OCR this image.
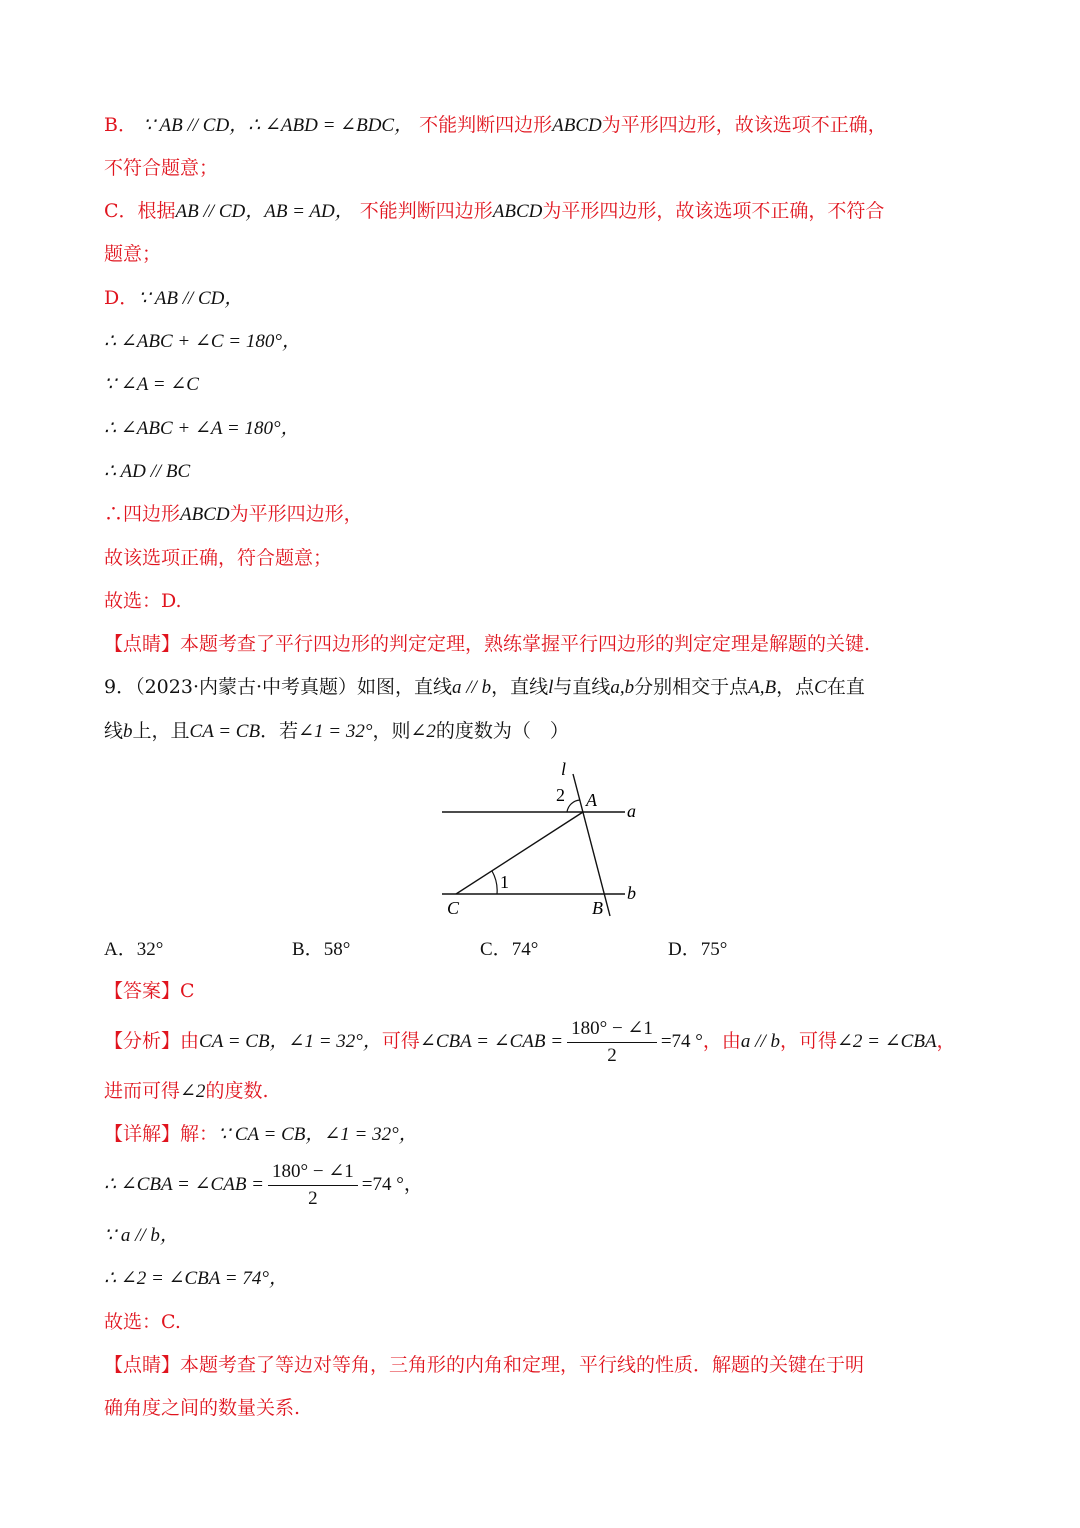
B． ∵ AB // CD，∴ ∠ABD = ∠BDC， 不能判断四边形ABCD为平形四边形，故该选项不正确，
不符合题意；
C．根据AB // CD，AB = AD， 不能判断四边形ABCD为平形四边形，故该选项不正确，不符合
题意；
D．∵ AB // CD，
∴ ∠ABC + ∠C = 180°，
∵ ∠A = ∠C
∴ ∠ABC + ∠A = 180°，
∴ AD // BC
∴四边形ABCD为平形四边形，
故该选项正确，符合题意；
故选：D.
【点睛】本题考查了平行四边形的判定定理，熟练掌握平行四边形的判定定理是解题的关键.
9．（2023·内蒙古·中考真题）如图，直线a // b，直线l与直线a,b分别相交于点A,B，点C在直
线b上，且CA = CB．若∠1 = 32°，则∠2的度数为（　）
l
2 A
a
1
C	B
b
A．32°	B．58°	C．74°	D．75°
【答案】C
【分析】由CA = CB，∠1 = 32°，可得∠CBA = ∠CAB = $\frac{180^\circ - \angle 1}{2} =74$ °，由a // b，可得∠2 = ∠CBA，
进而可得∠2的度数.
【详解】解：∵ CA = CB，∠1 = 32°，
∴ ∠CBA = ∠CAB = $\frac{180^\circ - \angle 1}{2} =74$ °，
∵ a // b，
∴ ∠2 = ∠CBA = 74°，
故选：C.
【点睛】本题考查了等边对等角，三角形的内角和定理，平行线的性质．解题的关键在于明
确角度之间的数量关系.
